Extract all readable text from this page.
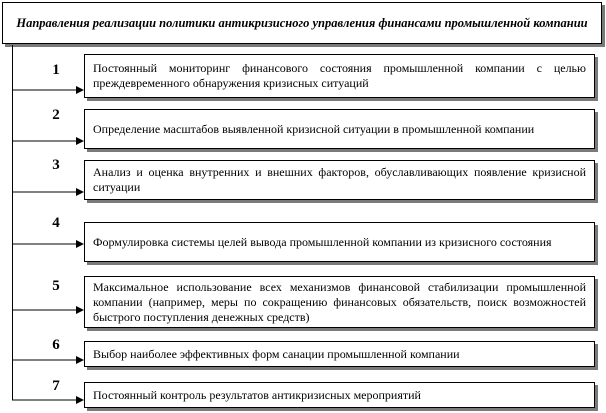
Направления реализации политики антикризисного управления финансами промышленной компании
1	Постоянный мониторинг финансового состояния промышленной компании с целью преждевременного обнаружения кризисных ситуаций
2
Определение масштабов выявленной кризисной ситуации в промышленной компании
3	Анализ и оценка внутренних и внешних факторов, обуславливающих появление кризисной ситуации
4
Формулировка системы целей вывода промышленной компании из кризисного состояния
5	Максимальное использование всех механизмов финансовой стабилизации промышленной компании (например, меры по сокращению финансовых обязательств, поиск возможностей быстрого поступления денежных средств)
6
Выбор наиболее эффективных форм санации промышленной компании
7
Постоянный контроль результатов антикризисных мероприятий
